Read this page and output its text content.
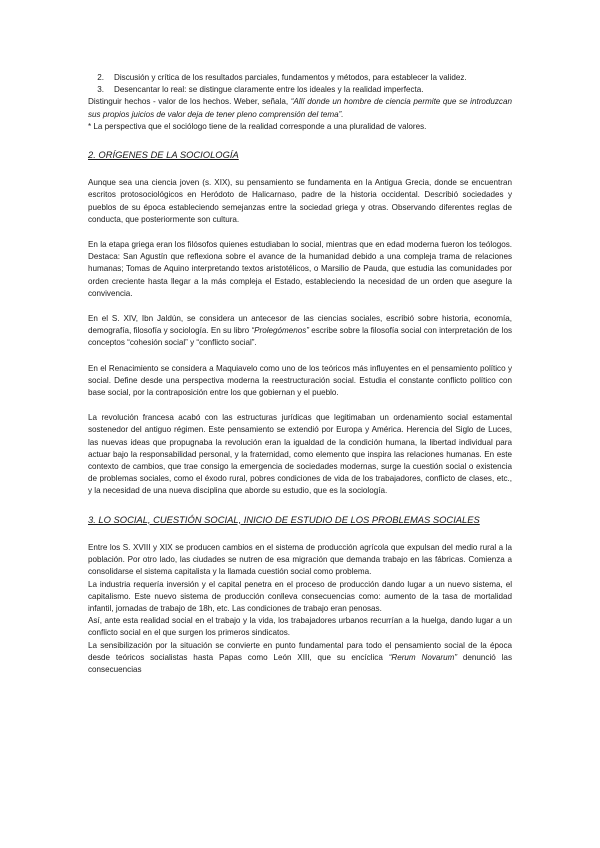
2.	Discusión y crítica de los resultados parciales, fundamentos y métodos, para establecer la validez.
3.	Desencantar lo real: se distingue claramente entre los ideales y la realidad imperfecta.

Distinguir hechos - valor de los hechos. Weber, señala, “Allí donde un hombre de ciencia permite que se introduzcan sus propios juicios de valor deja de tener pleno comprensión del tema”.

* La perspectiva que el sociólogo tiene de la realidad corresponde a una pluralidad de valores.

2. ORÍGENES DE LA SOCIOLOGÍA

Aunque sea una ciencia joven (s. XIX), su pensamiento se fundamenta en la Antigua Grecia, donde se encuentran escritos protosociológicos en Heródoto de Halicarnaso, padre de la historia occidental. Describió sociedades y pueblos de su época estableciendo semejanzas entre la sociedad griega y otras. Observando diferentes reglas de conducta, que posteriormente son cultura.

En la etapa griega eran los filósofos quienes estudiaban lo social, mientras que en edad moderna fueron los teólogos. Destaca: San Agustín que reflexiona sobre el avance de la humanidad debido a una compleja trama de relaciones humanas; Tomas de Aquino interpretando textos aristotélicos, o Marsilio de Pauda, que estudia las comunidades por orden creciente hasta llegar a la más compleja el Estado, estableciendo la necesidad de un orden que asegure la convivencia.

En el S. XIV, Ibn Jaldún, se considera un antecesor de las ciencias sociales, escribió sobre historia, economía, demografía, filosofía y sociología. En su libro “Prolegómenos” escribe sobre la filosofía social con interpretación de los conceptos “cohesión social” y “conflicto social”.

En el Renacimiento se considera a Maquiavelo como uno de los teóricos más influyentes en el pensamiento político y social. Define desde una perspectiva moderna la reestructuración social. Estudia el constante conflicto político con base social, por la contraposición entre los que gobiernan y el pueblo.

La revolución francesa acabó con las estructuras jurídicas que legitimaban un ordenamiento social estamental sostenedor del antiguo régimen. Este pensamiento se extendió por Europa y América. Herencia del Siglo de Luces, las nuevas ideas que propugnaba la revolución eran la igualdad de la condición humana, la libertad individual para actuar bajo la responsabilidad personal, y la fraternidad, como elemento que inspira las relaciones humanas. En este contexto de cambios, que trae consigo la emergencia de sociedades modernas, surge la cuestión social o existencia de problemas sociales, como el éxodo rural, pobres condiciones de vida de los trabajadores, conflicto de clases, etc., y la necesidad de una nueva disciplina que aborde su estudio, que es la sociología.

3. LO SOCIAL, CUESTIÓN SOCIAL, INICIO DE ESTUDIO DE LOS PROBLEMAS SOCIALES

Entre los S. XVIII y XIX se producen cambios en el sistema de producción agrícola que expulsan del medio rural a la población. Por otro lado, las ciudades se nutren de esa migración que demanda trabajo en las fábricas. Comienza a consolidarse el sistema capitalista y la llamada cuestión social como problema.

La industria requería inversión y el capital penetra en el proceso de producción dando lugar a un nuevo sistema, el capitalismo. Este nuevo sistema de producción conlleva consecuencias como: aumento de la tasa de mortalidad infantil, jornadas de trabajo de 18h, etc. Las condiciones de trabajo eran penosas.

Así, ante esta realidad social en el trabajo y la vida, los trabajadores urbanos recurrían a la huelga, dando lugar a un conflicto social en el que surgen los primeros sindicatos.

La sensibilización por la situación se convierte en punto fundamental para todo el pensamiento social de la época desde teóricos socialistas hasta Papas como León XIII, que su encíclica “Rerum Novarum” denunció las consecuencias
